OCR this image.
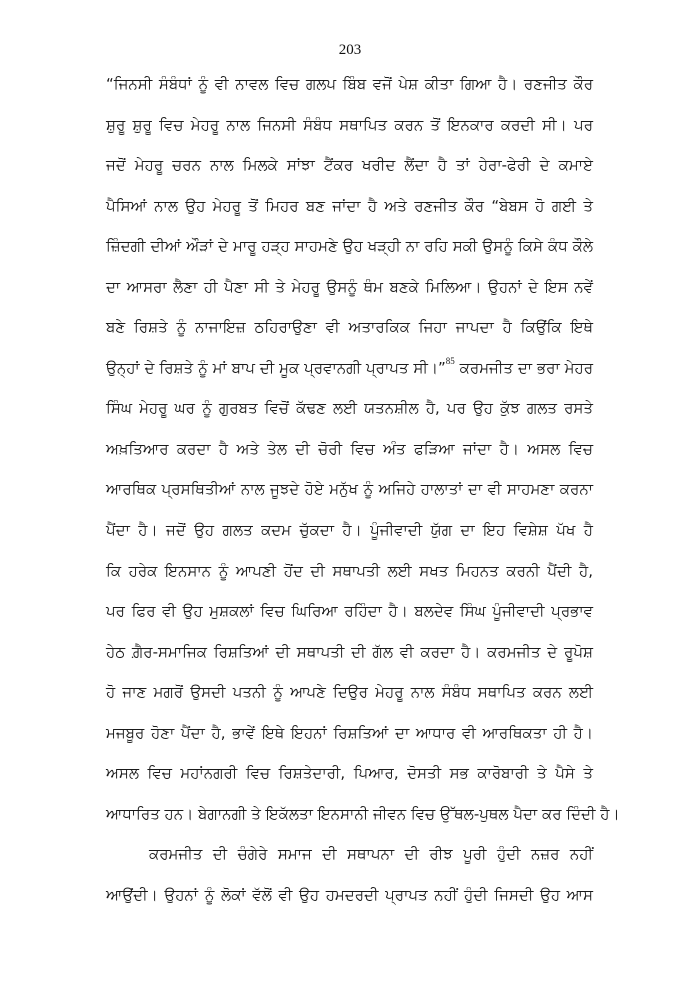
203
“ਜਿਨਸੀ ਸੰਬੰਧਾਂ ਨੂੰ ਵੀ ਨਾਵਲ ਵਿਚ ਗਲਪ ਬਿੰਬ ਵਜੋਂ ਪੇਸ਼ ਕੀਤਾ ਗਿਆ ਹੈ। ਰਣਜੀਤ ਕੌਰ
ਸ਼ੁਰੂ ਸ਼ੁਰੂ ਵਿਚ ਮੇਹਰੂ ਨਾਲ ਜਿਨਸੀ ਸੰਬੰਧ ਸਥਾਪਿਤ ਕਰਨ ਤੋਂ ਇਨਕਾਰ ਕਰਦੀ ਸੀ। ਪਰ
ਜਦੋਂ ਮੇਹਰੂ ਚਰਨ ਨਾਲ ਮਿਲਕੇ ਸਾਂਝਾ ਟੈਂਕਰ ਖਰੀਦ ਲੈਂਦਾ ਹੈ ਤਾਂ ਹੇਰਾ-ਫੇਰੀ ਦੇ ਕਮਾਏ
ਪੈਸਿਆਂ ਨਾਲ ਉਹ ਮੇਹਰੂ ਤੋਂ ਮਿਹਰ ਬਣ ਜਾਂਦਾ ਹੈ ਅਤੇ ਰਣਜੀਤ ਕੌਰ “ਬੇਬਸ ਹੋ ਗਈ ਤੇ
ਜ਼ਿੰਦਗੀ ਦੀਆਂ ਔੜਾਂ ਦੇ ਮਾਰੂ ਹੜ੍ਹ ਸਾਹਮਣੇ ਉਹ ਖੜ੍ਹੀ ਨਾ ਰਹਿ ਸਕੀ ਉਸਨੂੰ ਕਿਸੇ ਕੰਧ ਕੌਲੇ
ਦਾ ਆਸਰਾ ਲੈਣਾ ਹੀ ਪੈਣਾ ਸੀ ਤੇ ਮੇਹਰੂ ਉਸਨੂੰ ਥੰਮ ਬਣਕੇ ਮਿਲਿਆ। ਉਹਨਾਂ ਦੇ ਇਸ ਨਵੇਂ
ਬਣੇ ਰਿਸ਼ਤੇ ਨੂੰ ਨਾਜਾਇਜ਼ ਠਹਿਰਾਉਣਾ ਵੀ ਅਤਾਰਕਿਕ ਜਿਹਾ ਜਾਪਦਾ ਹੈ ਕਿਉਂਕਿ ਇਥੇ
ਉਨ੍ਹਾਂ ਦੇ ਰਿਸ਼ਤੇ ਨੂੰ ਮਾਂ ਬਾਪ ਦੀ ਮੂਕ ਪ੍ਰਵਾਨਗੀ ਪ੍ਰਾਪਤ ਸੀ।”$^{85}$ ਕਰਮਜੀਤ ਦਾ ਭਰਾ ਮੇਹਰ
ਸਿੰਘ ਮੇਹਰੂ ਘਰ ਨੂੰ ਗੁਰਬਤ ਵਿਚੋਂ ਕੱਢਣ ਲਈ ਯਤਨਸ਼ੀਲ ਹੈ, ਪਰ ਉਹ ਕੁੱਝ ਗਲਤ ਰਸਤੇ
ਅਖ਼ਤਿਆਰ ਕਰਦਾ ਹੈ ਅਤੇ ਤੇਲ ਦੀ ਚੋਰੀ ਵਿਚ ਅੰਤ ਫੜਿਆ ਜਾਂਦਾ ਹੈ। ਅਸਲ ਵਿਚ
ਆਰਥਿਕ ਪ੍ਰਸਥਿਤੀਆਂ ਨਾਲ ਜੂਝਦੇ ਹੋਏ ਮਨੁੱਖ ਨੂੰ ਅਜਿਹੇ ਹਾਲਾਤਾਂ ਦਾ ਵੀ ਸਾਹਮਣਾ ਕਰਨਾ
ਪੈਂਦਾ ਹੈ। ਜਦੋਂ ਉਹ ਗਲਤ ਕਦਮ ਚੁੱਕਦਾ ਹੈ। ਪੂੰਜੀਵਾਦੀ ਯੁੱਗ ਦਾ ਇਹ ਵਿਸ਼ੇਸ਼ ਪੱਖ ਹੈ
ਕਿ ਹਰੇਕ ਇਨਸਾਨ ਨੂੰ ਆਪਣੀ ਹੋਂਦ ਦੀ ਸਥਾਪਤੀ ਲਈ ਸਖਤ ਮਿਹਨਤ ਕਰਨੀ ਪੈਂਦੀ ਹੈ,
ਪਰ ਫਿਰ ਵੀ ਉਹ ਮੁਸ਼ਕਲਾਂ ਵਿਚ ਘਿਰਿਆ ਰਹਿੰਦਾ ਹੈ। ਬਲਦੇਵ ਸਿੰਘ ਪੂੰਜੀਵਾਦੀ ਪ੍ਰਭਾਵ
ਹੇਠ ਗ਼ੈਰ-ਸਮਾਜਿਕ ਰਿਸ਼ਤਿਆਂ ਦੀ ਸਥਾਪਤੀ ਦੀ ਗੱਲ ਵੀ ਕਰਦਾ ਹੈ। ਕਰਮਜੀਤ ਦੇ ਰੂਪੋਸ਼
ਹੋ ਜਾਣ ਮਗਰੋਂ ਉਸਦੀ ਪਤਨੀ ਨੂੰ ਆਪਣੇ ਦਿਉਰ ਮੇਹਰੂ ਨਾਲ ਸੰਬੰਧ ਸਥਾਪਿਤ ਕਰਨ ਲਈ
ਮਜਬੂਰ ਹੋਣਾ ਪੈਂਦਾ ਹੈ, ਭਾਵੇਂ ਇਥੇ ਇਹਨਾਂ ਰਿਸ਼ਤਿਆਂ ਦਾ ਆਧਾਰ ਵੀ ਆਰਥਿਕਤਾ ਹੀ ਹੈ।
ਅਸਲ ਵਿਚ ਮਹਾਂਨਗਰੀ ਵਿਚ ਰਿਸ਼ਤੇਦਾਰੀ, ਪਿਆਰ, ਦੋਸਤੀ ਸਭ ਕਾਰੋਬਾਰੀ ਤੇ ਪੈਸੇ ਤੇ
ਆਧਾਰਿਤ ਹਨ। ਬੇਗਾਨਗੀ ਤੇ ਇਕੱਲਤਾ ਇਨਸਾਨੀ ਜੀਵਨ ਵਿਚ ਉੱਥਲ-ਪੁਥਲ ਪੈਦਾ ਕਰ ਦਿੰਦੀ ਹੈ।
ਕਰਮਜੀਤ ਦੀ ਚੰਗੇਰੇ ਸਮਾਜ ਦੀ ਸਥਾਪਨਾ ਦੀ ਰੀਝ ਪੂਰੀ ਹੁੰਦੀ ਨਜ਼ਰ ਨਹੀਂ
ਆਉਂਦੀ। ਉਹਨਾਂ ਨੂੰ ਲੋਕਾਂ ਵੱਲੋਂ ਵੀ ਉਹ ਹਮਦਰਦੀ ਪ੍ਰਾਪਤ ਨਹੀਂ ਹੁੰਦੀ ਜਿਸਦੀ ਉਹ ਆਸ
